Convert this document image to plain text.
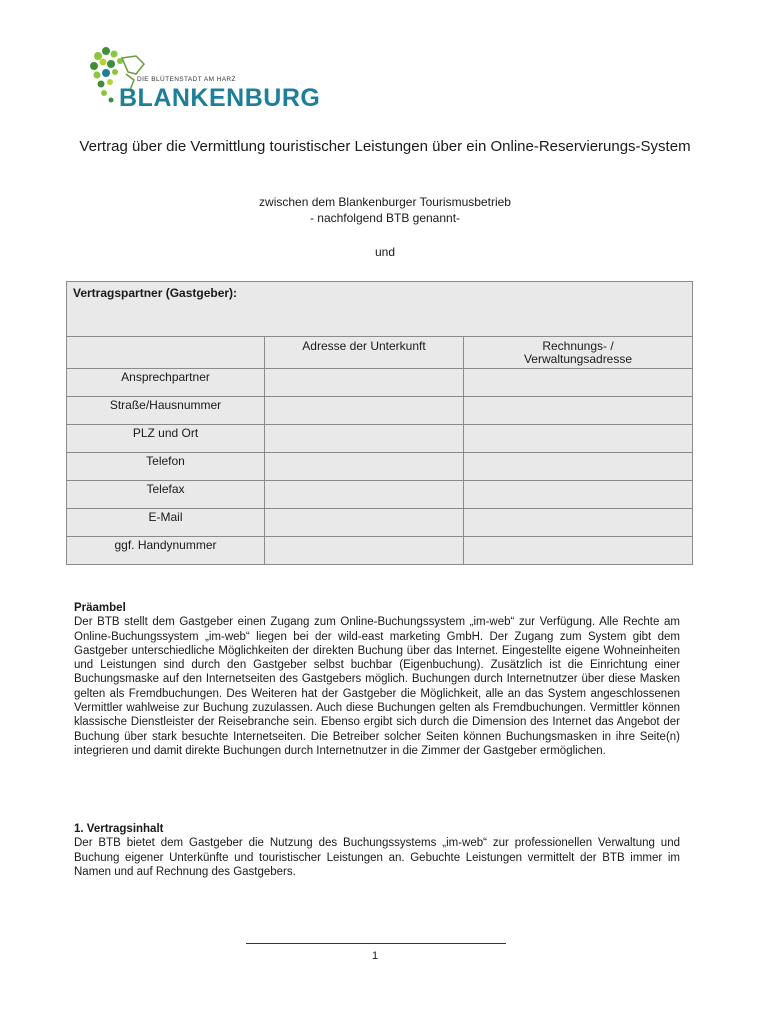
DIE BLÜTENSTADT AM HARZ
BLANKENBURG
Vertrag über die Vermittlung touristischer Leistungen über ein Online-Reservierungs-System
zwischen dem Blankenburger Tourismusbetrieb
- nachfolgend BTB genannt-
und
Vertragspartner (Gastgeber):		
	Adresse der Unterkunft	Rechnungs- /
Verwaltungsadresse
Ansprechpartner		
Straße/Hausnummer		
PLZ und Ort		
Telefon		
Telefax		
E-Mail		
ggf. Handynummer		
Präambel
Der BTB stellt dem Gastgeber einen Zugang zum Online-Buchungssystem „im-web“ zur Verfügung. Alle Rechte am Online-Buchungssystem „im-web“ liegen bei der wild-east marketing GmbH. Der Zugang zum System gibt dem Gastgeber unterschiedliche Möglichkeiten der direkten Buchung über das Internet. Eingestellte eigene Wohneinheiten und Leistungen sind durch den Gastgeber selbst buchbar (Eigenbuchung). Zusätzlich ist die Einrichtung einer Buchungsmaske auf den Internetseiten des Gastgebers möglich. Buchungen durch Internetnutzer über diese Masken gelten als Fremdbuchungen. Des Weiteren hat der Gastgeber die Möglichkeit, alle an das System angeschlossenen Vermittler wahlweise zur Buchung zuzulassen. Auch diese Buchungen gelten als Fremdbuchungen. Vermittler können klassische Dienstleister der Reisebranche sein. Ebenso ergibt sich durch die Dimension des Internet das Angebot der Buchung über stark besuchte Internetseiten. Die Betreiber solcher Seiten können Buchungsmasken in ihre Seite(n) integrieren und damit direkte Buchungen durch Internetnutzer in die Zimmer der Gastgeber ermöglichen.
1. Vertragsinhalt
Der BTB bietet dem Gastgeber die Nutzung des Buchungssystems „im-web“ zur professionellen Verwaltung und Buchung eigener Unterkünfte und touristischer Leistungen an. Gebuchte Leistungen vermittelt der BTB immer im Namen und auf Rechnung des Gastgebers.
1
